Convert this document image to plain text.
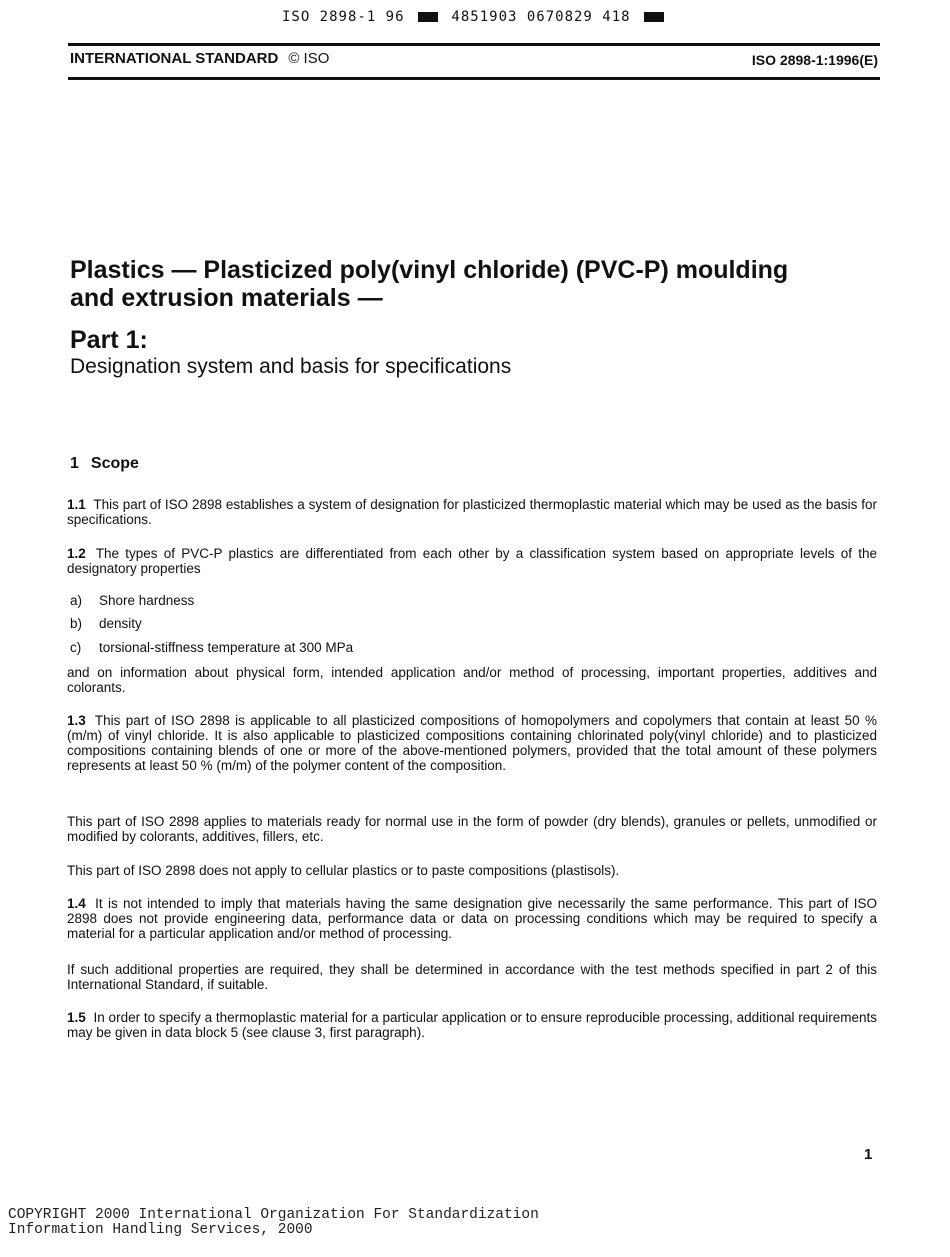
ISO 2898-1 96	4851903 0670829 418
INTERNATIONAL STANDARD © ISO	ISO 2898-1:1996(E)
Plastics — Plasticized poly(vinyl chloride) (PVC-P) moulding
and extrusion materials —
Part 1:
Designation system and basis for specifications
1 Scope
1.1 This part of ISO 2898 establishes a system of designation for plasticized thermoplastic material which may be used as the basis for specifications.
1.2 The types of PVC-P plastics are differentiated from each other by a classification system based on appropriate levels of the designatory properties
a) Shore hardness
b) density
c) torsional-stiffness temperature at 300 MPa
and on information about physical form, intended application and/or method of processing, important properties, additives and colorants.
1.3 This part of ISO 2898 is applicable to all plasticized compositions of homopolymers and copolymers that contain at least 50 % (m/m) of vinyl chloride. It is also applicable to plasticized compositions containing chlorinated poly(vinyl chloride) and to plasticized compositions containing blends of one or more of the above-mentioned polymers, provided that the total amount of these polymers represents at least 50 % (m/m) of the polymer content of the composition.
This part of ISO 2898 applies to materials ready for normal use in the form of powder (dry blends), granules or pellets, unmodified or modified by colorants, additives, fillers, etc.
This part of ISO 2898 does not apply to cellular plastics or to paste compositions (plastisols).
1.4 It is not intended to imply that materials having the same designation give necessarily the same performance. This part of ISO 2898 does not provide engineering data, performance data or data on processing conditions which may be required to specify a material for a particular application and/or method of processing.
If such additional properties are required, they shall be determined in accordance with the test methods specified in part 2 of this International Standard, if suitable.
1.5 In order to specify a thermoplastic material for a particular application or to ensure reproducible processing, additional requirements may be given in data block 5 (see clause 3, first paragraph).
1
COPYRIGHT 2000 International Organization For Standardization
Information Handling Services, 2000
